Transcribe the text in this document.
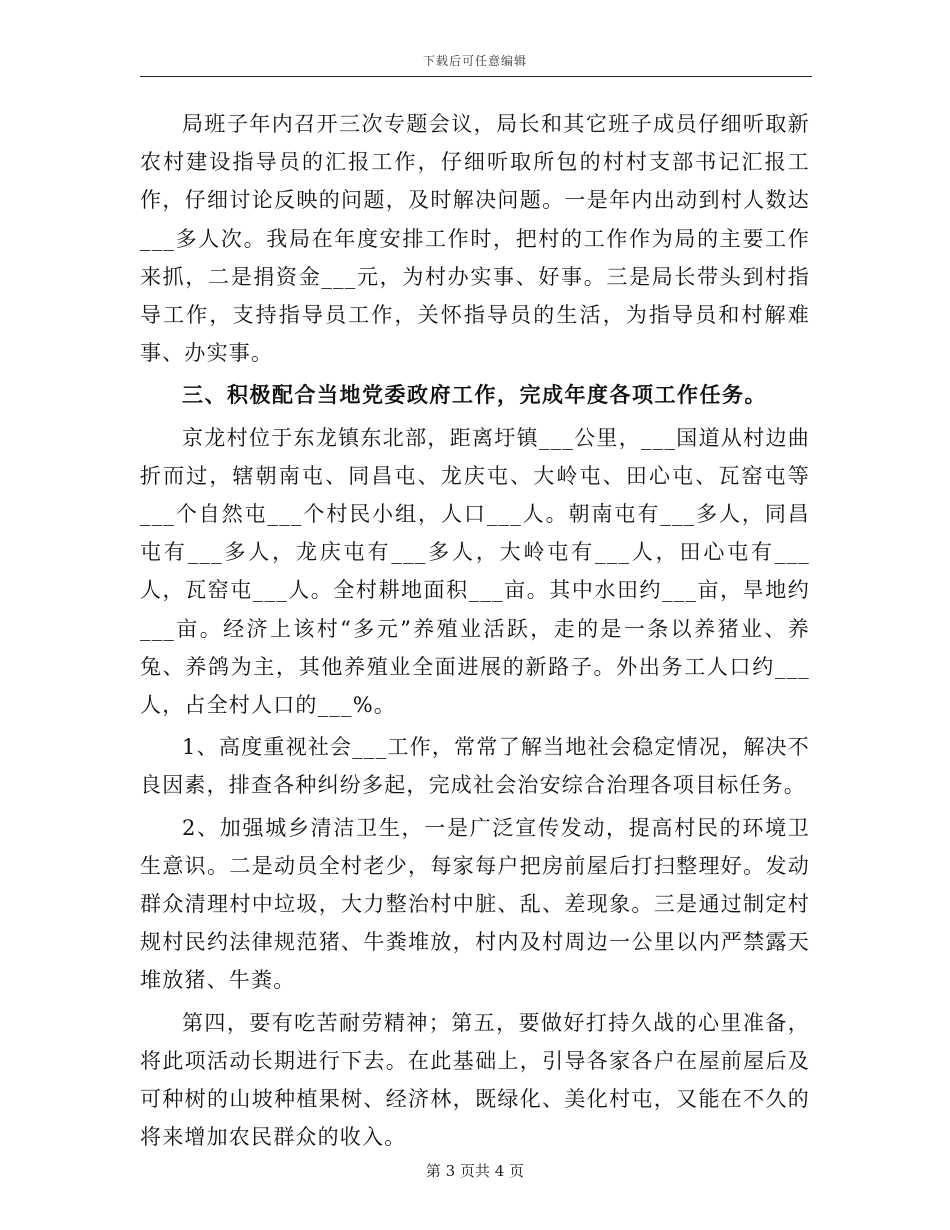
下载后可任意编辑

局班子年内召开三次专题会议，局长和其它班子成员仔细听取新农村建设指导员的汇报工作，仔细听取所包的村村支部书记汇报工作，仔细讨论反映的问题，及时解决问题。一是年内出动到村人数达___多人次。我局在年度安排工作时，把村的工作作为局的主要工作来抓，二是捐资金___元，为村办实事、好事。三是局长带头到村指导工作，支持指导员工作，关怀指导员的生活，为指导员和村解难事、办实事。

三、积极配合当地党委政府工作，完成年度各项工作任务。

京龙村位于东龙镇东北部，距离圩镇___公里，___国道从村边曲折而过，辖朝南屯、同昌屯、龙庆屯、大岭屯、田心屯、瓦窑屯等___个自然屯___个村民小组，人口___人。朝南屯有___多人，同昌屯有___多人，龙庆屯有___多人，大岭屯有___人，田心屯有___人，瓦窑屯___人。全村耕地面积___亩。其中水田约___亩，旱地约___亩。经济上该村“多元”养殖业活跃，走的是一条以养猪业、养兔、养鸽为主，其他养殖业全面进展的新路子。外出务工人口约___人，占全村人口的___%。

1、高度重视社会___工作，常常了解当地社会稳定情况，解决不良因素，排查各种纠纷多起，完成社会治安综合治理各项目标任务。

2、加强城乡清洁卫生，一是广泛宣传发动，提高村民的环境卫生意识。二是动员全村老少，每家每户把房前屋后打扫整理好。发动群众清理村中垃圾，大力整治村中脏、乱、差现象。三是通过制定村规村民约法律规范猪、牛粪堆放，村内及村周边一公里以内严禁露天堆放猪、牛粪。

第四，要有吃苦耐劳精神；第五，要做好打持久战的心里准备，将此项活动长期进行下去。在此基础上，引导各家各户在屋前屋后及可种树的山坡种植果树、经济林，既绿化、美化村屯，又能在不久的将来增加农民群众的收入。

第 3 页共 4 页
